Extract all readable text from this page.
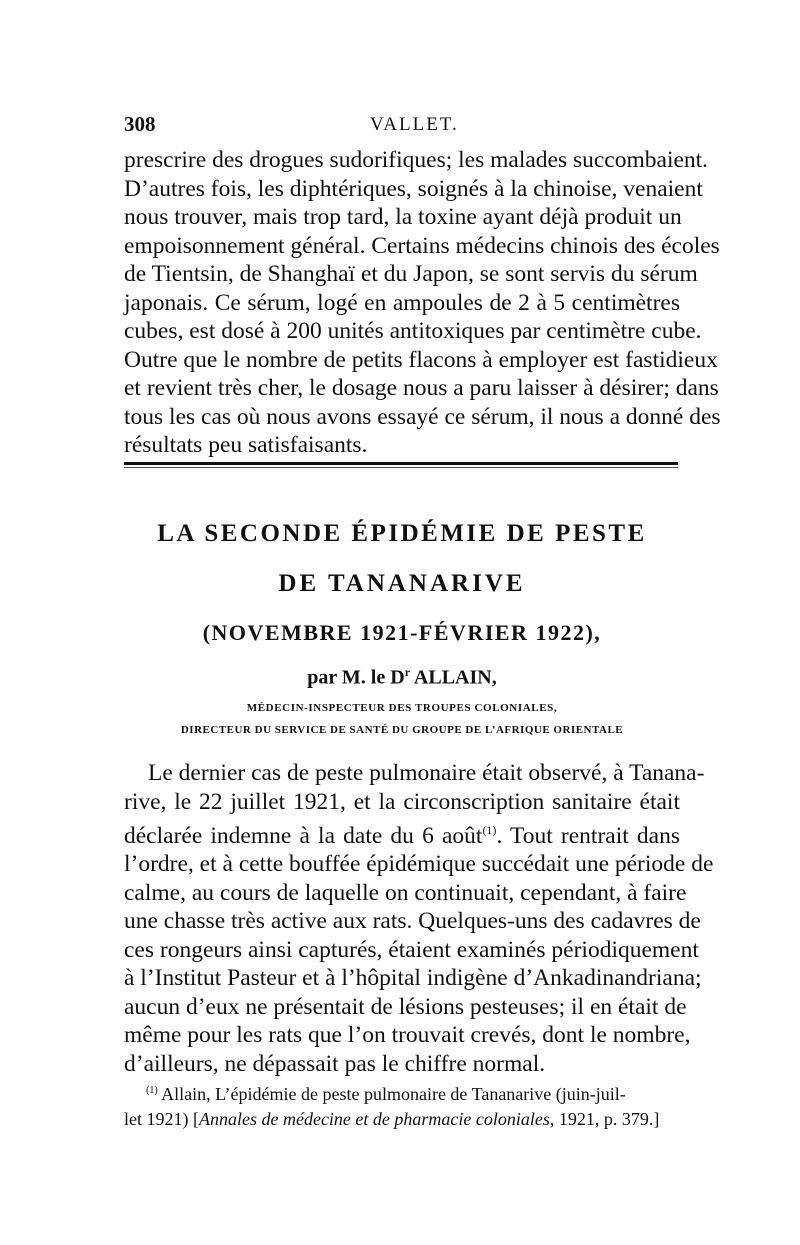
308	VALLET.
prescrire des drogues sudorifiques; les malades succombaient.
D’autres fois, les diphtériques, soignés à la chinoise, venaient
nous trouver, mais trop tard, la toxine ayant déjà produit un
empoisonnement général. Certains médecins chinois des écoles
de Tientsin, de Shanghaï et du Japon, se sont servis du sérum
japonais. Ce sérum, logé en ampoules de 2 à 5 centimètres
cubes, est dosé à 200 unités antitoxiques par centimètre cube.
Outre que le nombre de petits flacons à employer est fastidieux
et revient très cher, le dosage nous a paru laisser à désirer; dans
tous les cas où nous avons essayé ce sérum, il nous a donné des
résultats peu satisfaisants.
LA SECONDE ÉPIDÉMIE DE PESTE
DE TANANARIVE
(NOVEMBRE 1921-FÉVRIER 1922),
par M. le $D^r$ ALLAIN,
MÉDECIN-INSPECTEUR DES TROUPES COLONIALES,
DIRECTEUR DU SERVICE DE SANTÉ DU GROUPE DE L’AFRIQUE ORIENTALE
Le dernier cas de peste pulmonaire était observé, à Tanana-
rive, le 22 juillet 1921, et la circonscription sanitaire était
déclarée indemne à la date du 6 août$^{(1)}$. Tout rentrait dans
l’ordre, et à cette bouffée épidémique succédait une période de
calme, au cours de laquelle on continuait, cependant, à faire
une chasse très active aux rats. Quelques-uns des cadavres de
ces rongeurs ainsi capturés, étaient examinés périodiquement
à l’Institut Pasteur et à l’hôpital indigène d’Ankadinandriana;
aucun d’eux ne présentait de lésions pesteuses; il en était de
même pour les rats que l’on trouvait crevés, dont le nombre,
d’ailleurs, ne dépassait pas le chiffre normal.
$^{(1)}$ Allain, L’épidémie de peste pulmonaire de Tananarive (juin-juil-
let 1921) [Annales de médecine et de pharmacie coloniales, 1921, p. 379.]
